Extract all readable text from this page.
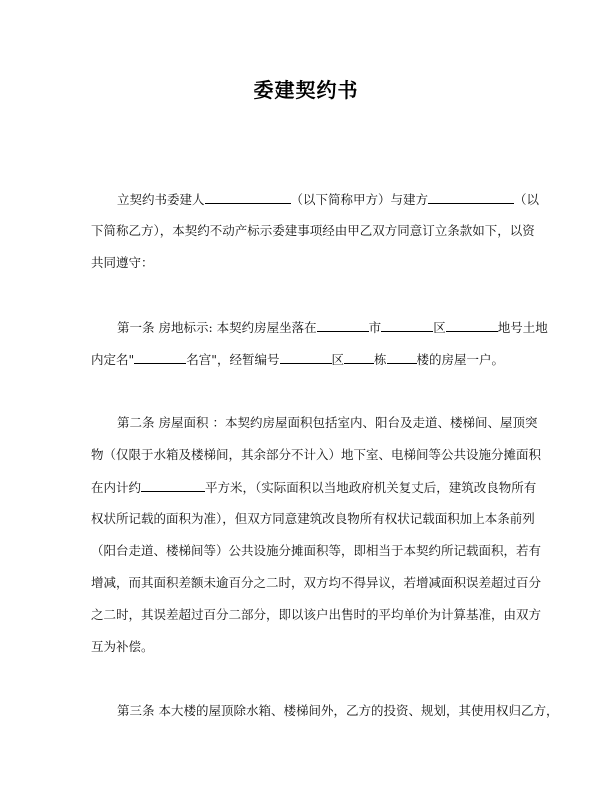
委建契约书
立契约书委建人	（以下简称甲方）与建方	（以
下简称乙方），本契约不动产标示委建事项经由甲乙双方同意订立条款如下，以资
共同遵守：
第一条 房地标示: 本契约房屋坐落在	市	区	地号土地
内定名"	名宫"，经暂编号	区 栋 楼的房屋一户。
第二条 房屋面积 ：本契约房屋面积包括室内、阳台及走道、楼梯间、屋顶突
物（仅限于水箱及楼梯间，其余部分不计入）地下室、电梯间等公共设施分摊面积
在内计约	平方米，（实际面积以当地政府机关复丈后，建筑改良物所有
权状所记载的面积为准），但双方同意建筑改良物所有权状记载面积加上本条前列
（阳台走道、楼梯间等）公共设施分摊面积等，即相当于本契约所记载面积，若有
增减，而其面积差额未逾百分之二时，双方均不得异议，若增减面积误差超过百分
之二时，其误差超过百分二部分，即以该户出售时的平均单价为计算基准，由双方
互为补偿。
第三条 本大楼的屋顶除水箱、楼梯间外，乙方的投资、规划，其使用权归乙方，
